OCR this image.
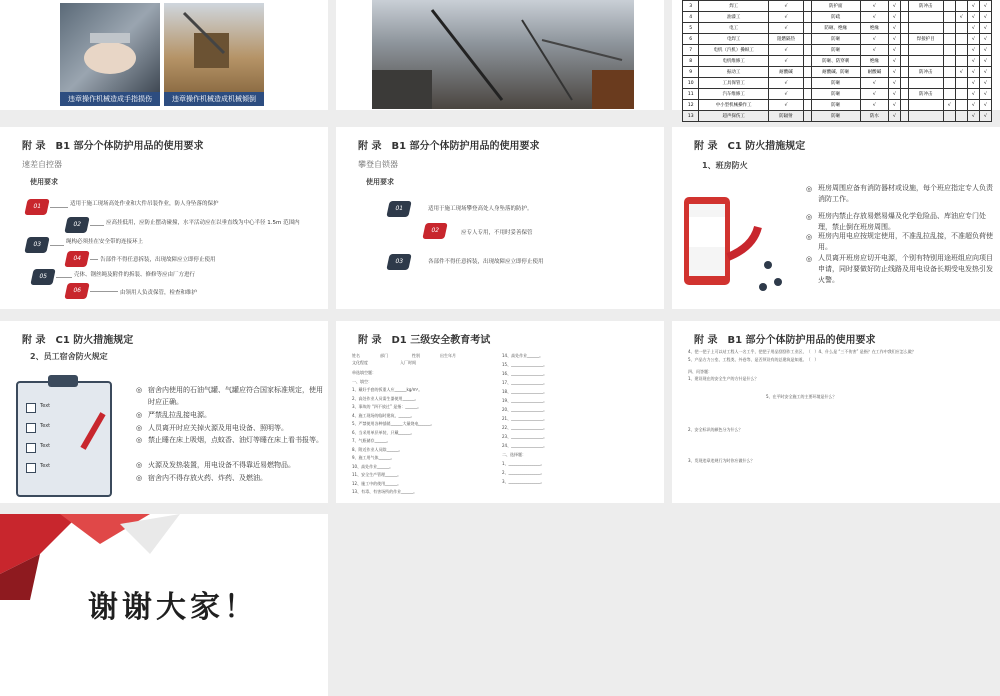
违章操作机械造成手指损伤	违章操作机械造成机械倾倒
3	焊工	√		防护面	√	√		防冲击			√	√
4	油漆工	√		防疏	√	√				√	√	√
5	电工	√		防砸、绝缘	绝缘	√					√	√
6	电焊工	阻燃隔热		防砸	√	√		焊接护目			√	√
7	电机（汽机）操纵工	√		防砸	√	√					√	√
8	电机维修工	√		防砸、防穿刺	绝缘	√					√	√
9	振动工	耐酸碱		耐酸碱、防砸	耐酸碱	√		防冲击		√	√	√
10	工具保管工	√		防砸	√	√					√	√
11	汽车维修工	√		防砸	√	√		防冲击			√	√
12	中小型机械操作工	√		防砸	√	√			√		√	√
13	超声探伤工	防辐射		防砸	防水	√					√	√
附 录　B1 部分个体防护用品的使用要求
速差自控器
使用要求
01	适用于施工现场高处作业和大件吊装作业，防人身坠落的保护
02	应高挂低用，应防止摆动碰撞，水平活动应在以垂直线为中心半径 1.5m 范围内
03	绳构必须挂在安全带的连接环上
04	告部件不得任意拆装，出现故障应立即停止使用
05	壳体、钢丝绳及附件的拆装、修修等应由厂方进行
06	由领用人负责保管，检查和维护
附 录　B1 部分个体防护用品的使用要求
攀登自锁器
使用要求
01	适用于施工现场攀登高处人身坠落的防护。
02	应专人专用，不用时妥善保管
03	各部件不得任意拆装，出现故障应立即停止使用
附 录　C1 防火措施规定
1、班房防火
◎ 班房周围应备有消防器材或设施，每个班应指定专人负责消防工作。
◎ 班房内禁止存放易燃易爆及化学危险品、库油应专门处理，禁止倒在班房周围。
◎ 班房内用电应按规定使用，不准乱拉乱接，不准超负荷使用。
◎ 人员离开班房应切开电源，个别有特别用途班组应向项目申请，同时要做好防止线路及用电设备长期受电发热引发火警。
附 录　C1 防火措施规定
2、员工宿舍防火规定
Text
Text
Text
Text
◎ 宿舍内使用的石油气罐、气罐应符合国家标准规定，使用时应正确。
◎ 严禁乱拉乱接电源。
◎ 人员离开时应关掉火源及用电设备、照明等。
◎ 禁止睡在床上吸烟，点蚊香、油灯等睡在床上看书报等。
◎ 火源及发热装置，用电设备不得靠近易燃物品。
◎ 宿舍内不得存放火药、炸药、及燃油。
附 录　D1 三级安全教育考试
姓名　　　　　部门　　　　　　性别　　　　　出生年月
文化程度　　　　　　　　入厂时间
单选填空题：
一、填空：
1、戴好手套的扳重人应______kg/m²。
2、高处作业人员需生器使用______。
3、事故的 “四不放过” 是指：______。
4、施工现场的临时建筑，______。
5、严禁使用各种插销______大量烧电______。
6、当采用单层单装，只戴______。
7、气瓶储存______。
8、附近作业人员除______。
9、施工用气体______。
10、高处作业______。
11、安全生产管理______。
12、施工中的使用______。
13、有毒、有害场所的作业______。
14、高处作业______。
15、________________。
16、________________。
17、________________。
18、________________。
19、________________。
20、________________。
21、________________。
22、________________。
23、________________。
24、________________。
二、选择题：
1、________________。
2、________________。
3、________________。
附 录　B1 部分个体防护用品的使用要求
4、把一把子上可以站工程人一名工乎，把把子用品刮刮作工业区，（　）4、什么是 “三不伤害” 是指？在工作中我们应怎么做？
5、产品方力公室、工程类、外卷等、是否须设有的总建筑是知道。（　）
四、问答题：
1、建设现在的安全生产的方针是什么？
5、在平时安全施工的主要环境是什么？
2、安全标识的颜色分为什么？
3、发现违章违规行为时你应做什么？
谢谢大家！
